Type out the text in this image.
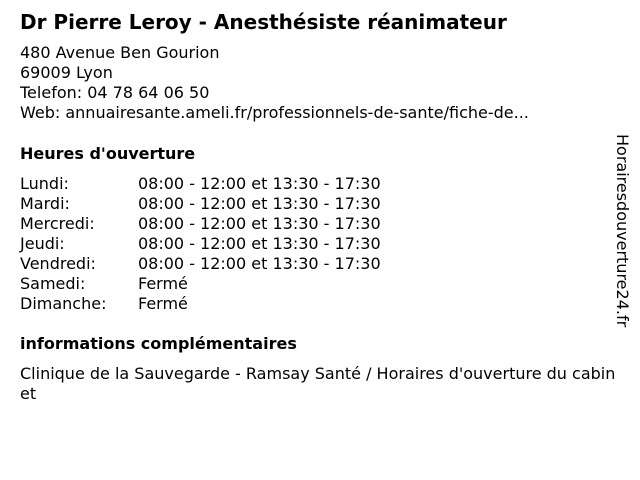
Dr Pierre Leroy - Anesthésiste réanimateur
480 Avenue Ben Gourion
69009 Lyon
Telefon: 04 78 64 06 50
Web: annuairesante.ameli.fr/professionnels-de-sante/fiche-de...
Heures d'ouverture
Lundi:	08:00 - 12:00 et 13:30 - 17:30
Mardi:	08:00 - 12:00 et 13:30 - 17:30
Mercredi:	08:00 - 12:00 et 13:30 - 17:30
Jeudi:	08:00 - 12:00 et 13:30 - 17:30
Vendredi:	08:00 - 12:00 et 13:30 - 17:30
Samedi:	Fermé
Dimanche: Fermé
informations complémentaires
Clinique de la Sauvegarde - Ramsay Santé / Horaires d'ouverture du cabinet
Horairesdouverture24.fr
